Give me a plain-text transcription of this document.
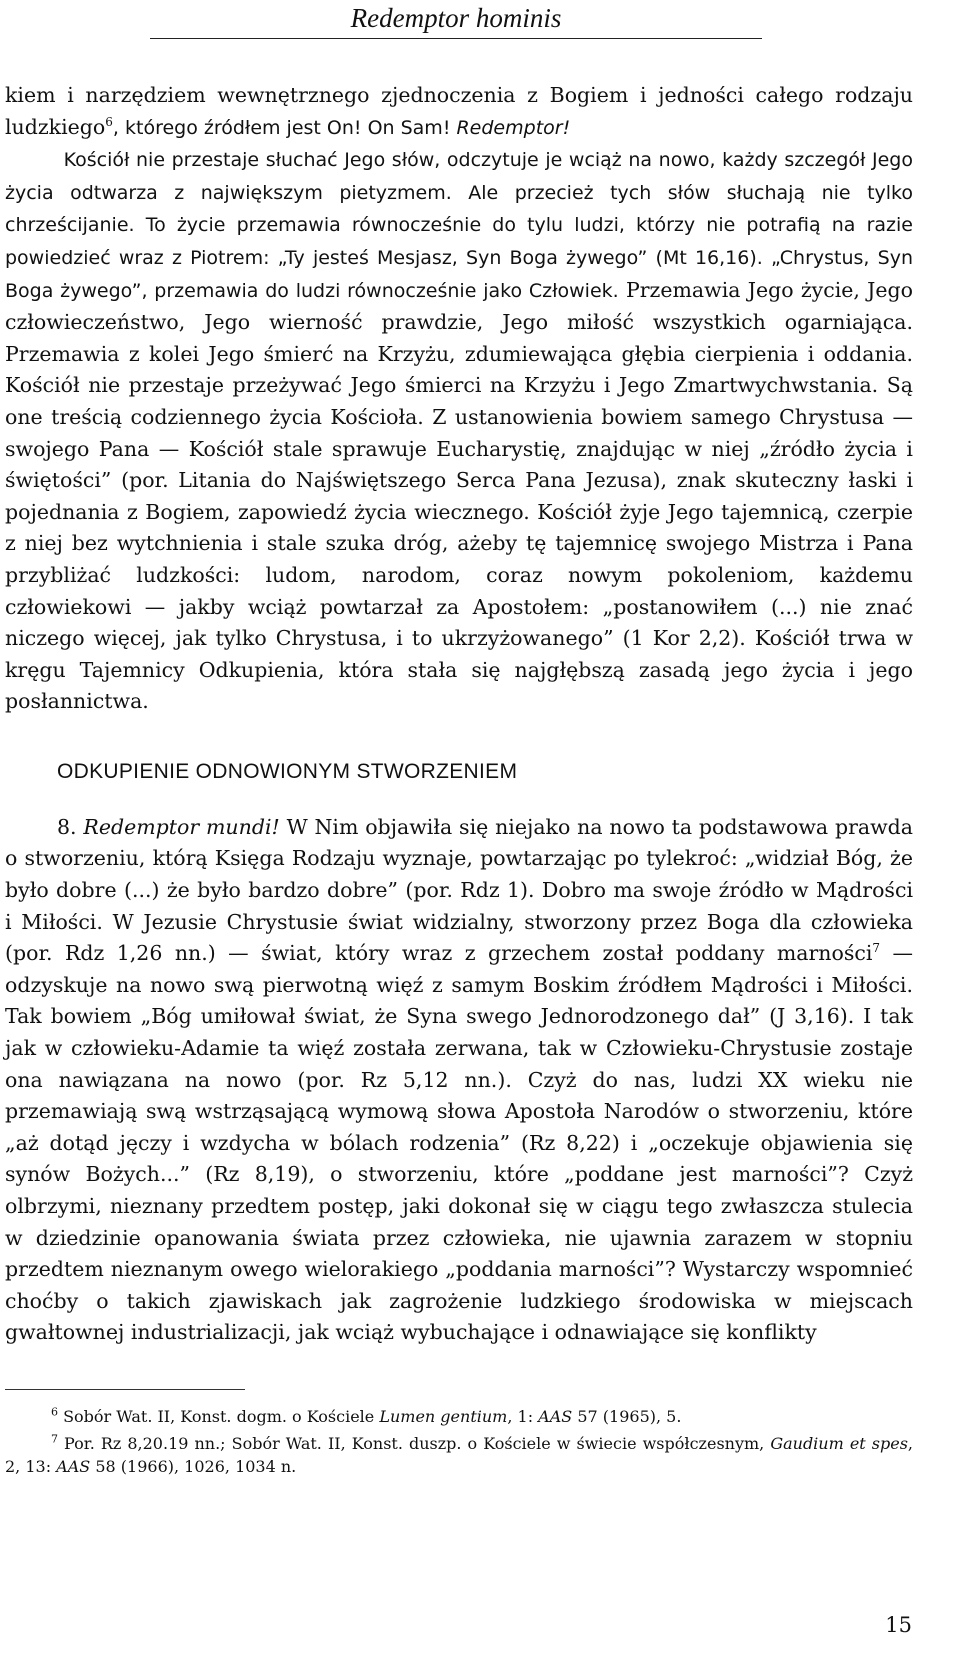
Redemptor hominis

kiem i narzędziem wewnętrznego zjednoczenia z Bogiem i jedności całego rodzaju ludzkiego$^6$, którego źródłem jest On! On Sam! Redemptor!
Kościół nie przestaje słuchać Jego słów, odczytuje je wciąż na nowo, każdy szczegół Jego życia odtwarza z największym pietyzmem. Ale przecież tych słów słuchają nie tylko chrześcijanie. To życie przemawia równocześnie do tylu ludzi, którzy nie potrafią na razie powiedzieć wraz z Piotrem: „Ty jesteś Mesjasz, Syn Boga żywego” (Mt 16,16). „Chrystus, Syn Boga żywego”, przemawia do ludzi równocześnie jako Człowiek. Przemawia Jego życie, Jego człowieczeństwo, Jego wierność prawdzie, Jego miłość wszystkich ogarniająca. Przemawia z kolei Jego śmierć na Krzyżu, zdumiewająca głębia cierpienia i oddania. Kościół nie przestaje przeżywać Jego śmierci na Krzyżu i Jego Zmartwychwstania. Są one treścią codziennego życia Kościoła. Z ustanowienia bowiem samego Chrystusa — swojego Pana — Kościół stale sprawuje Eucharystię, znajdując w niej „źródło życia i świętości” (por. Litania do Najświętszego Serca Pana Jezusa), znak skuteczny łaski i pojednania z Bogiem, zapowiedź życia wiecznego. Kościół żyje Jego tajemnicą, czerpie z niej bez wytchnienia i stale szuka dróg, ażeby tę tajemnicę swojego Mistrza i Pana przybliżać ludzkości: ludom, narodom, coraz nowym pokoleniom, każdemu człowiekowi — jakby wciąż powtarzał za Apostołem: „postanowiłem (...) nie znać niczego więcej, jak tylko Chrystusa, i to ukrzyżowanego” (1 Kor 2,2). Kościół trwa w kręgu Tajemnicy Odkupienia, która stała się najgłębszą zasadą jego życia i jego posłannictwa.

ODKUPIENIE ODNOWIONYM STWORZENIEM

8. Redemptor mundi! W Nim objawiła się niejako na nowo ta podstawowa prawda o stworzeniu, którą Księga Rodzaju wyznaje, powtarzając po tylekroć: „widział Bóg, że było dobre (...) że było bardzo dobre” (por. Rdz 1). Dobro ma swoje źródło w Mądrości i Miłości. W Jezusie Chrystusie świat widzialny, stworzony przez Boga dla człowieka (por. Rdz 1,26 nn.) — świat, który wraz z grzechem został poddany marności$^7$ — odzyskuje na nowo swą pierwotną więź z samym Boskim źródłem Mądrości i Miłości. Tak bowiem „Bóg umiłował świat, że Syna swego Jednorodzonego dał” (J 3,16). I tak jak w człowieku-Adamie ta więź została zerwana, tak w Człowieku-Chrystusie zostaje ona nawiązana na nowo (por. Rz 5,12 nn.). Czyż do nas, ludzi XX wieku nie przemawiają swą wstrząsającą wymową słowa Apostoła Narodów o stworzeniu, które „aż dotąd jęczy i wzdycha w bólach rodzenia” (Rz 8,22) i „oczekuje objawienia się synów Bożych...” (Rz 8,19), o stworzeniu, które „poddane jest marności”? Czyż olbrzymi, nieznany przedtem postęp, jaki dokonał się w ciągu tego zwłaszcza stulecia w dziedzinie opanowania świata przez człowieka, nie ujawnia zarazem w stopniu przedtem nieznanym owego wielorakiego „poddania marności”? Wystarczy wspomnieć choćby o takich zjawiskach jak zagrożenie ludzkiego środowiska w miejscach gwałtownej industrializacji, jak wciąż wybuchające i odnawiające się konflikty

$^6$ Sobór Wat. II, Konst. dogm. o Kościele Lumen gentium, 1: AAS 57 (1965), 5.
$^7$ Por. Rz 8,20.19 nn.; Sobór Wat. II, Konst. duszp. o Kościele w świecie współczesnym, Gaudium et spes, 2, 13: AAS 58 (1966), 1026, 1034 n.
15
